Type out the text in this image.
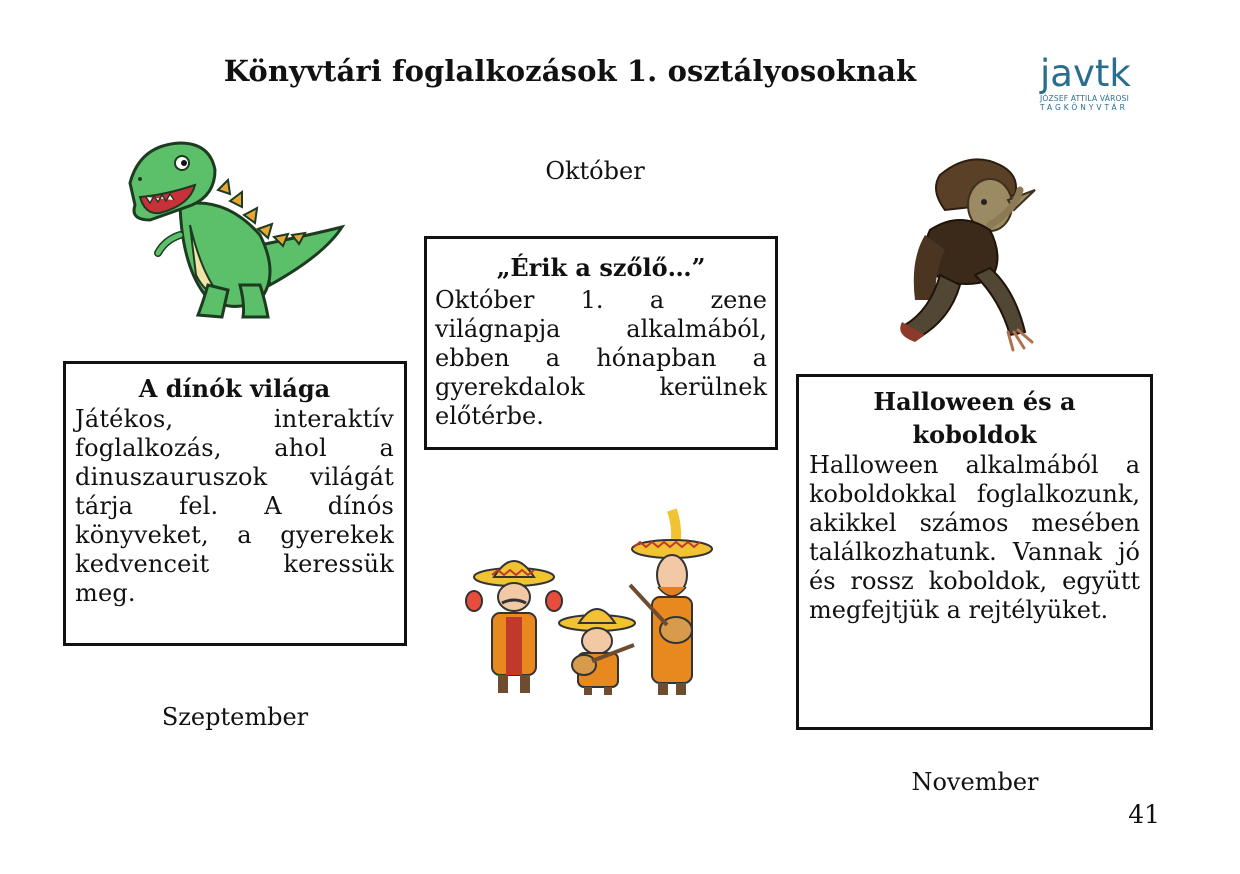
Könyvtári foglalkozások 1. osztályosoknak	javtk
JÓZSEF ATTILA VÁROSI
TAGKÖNYVTÁR
Október
A dínók világa

Játékos, interaktív foglalkozás, ahol a dinuszauruszok világát tárja fel. A dínós könyveket, a gyerekek kedvenceit keressük meg.

„Érik a szőlő…”

Október 1. a zene világnapja alkalmából, ebben a hónapban a gyerekdalok kerülnek előtérbe.	Halloween és a koboldok

Halloween alkalmából a koboldokkal foglalkozunk, akikkel számos mesében találkozhatunk. Vannak jó és rossz koboldok, együtt megfejtjük a rejtélyüket.

Szeptember
November
41
